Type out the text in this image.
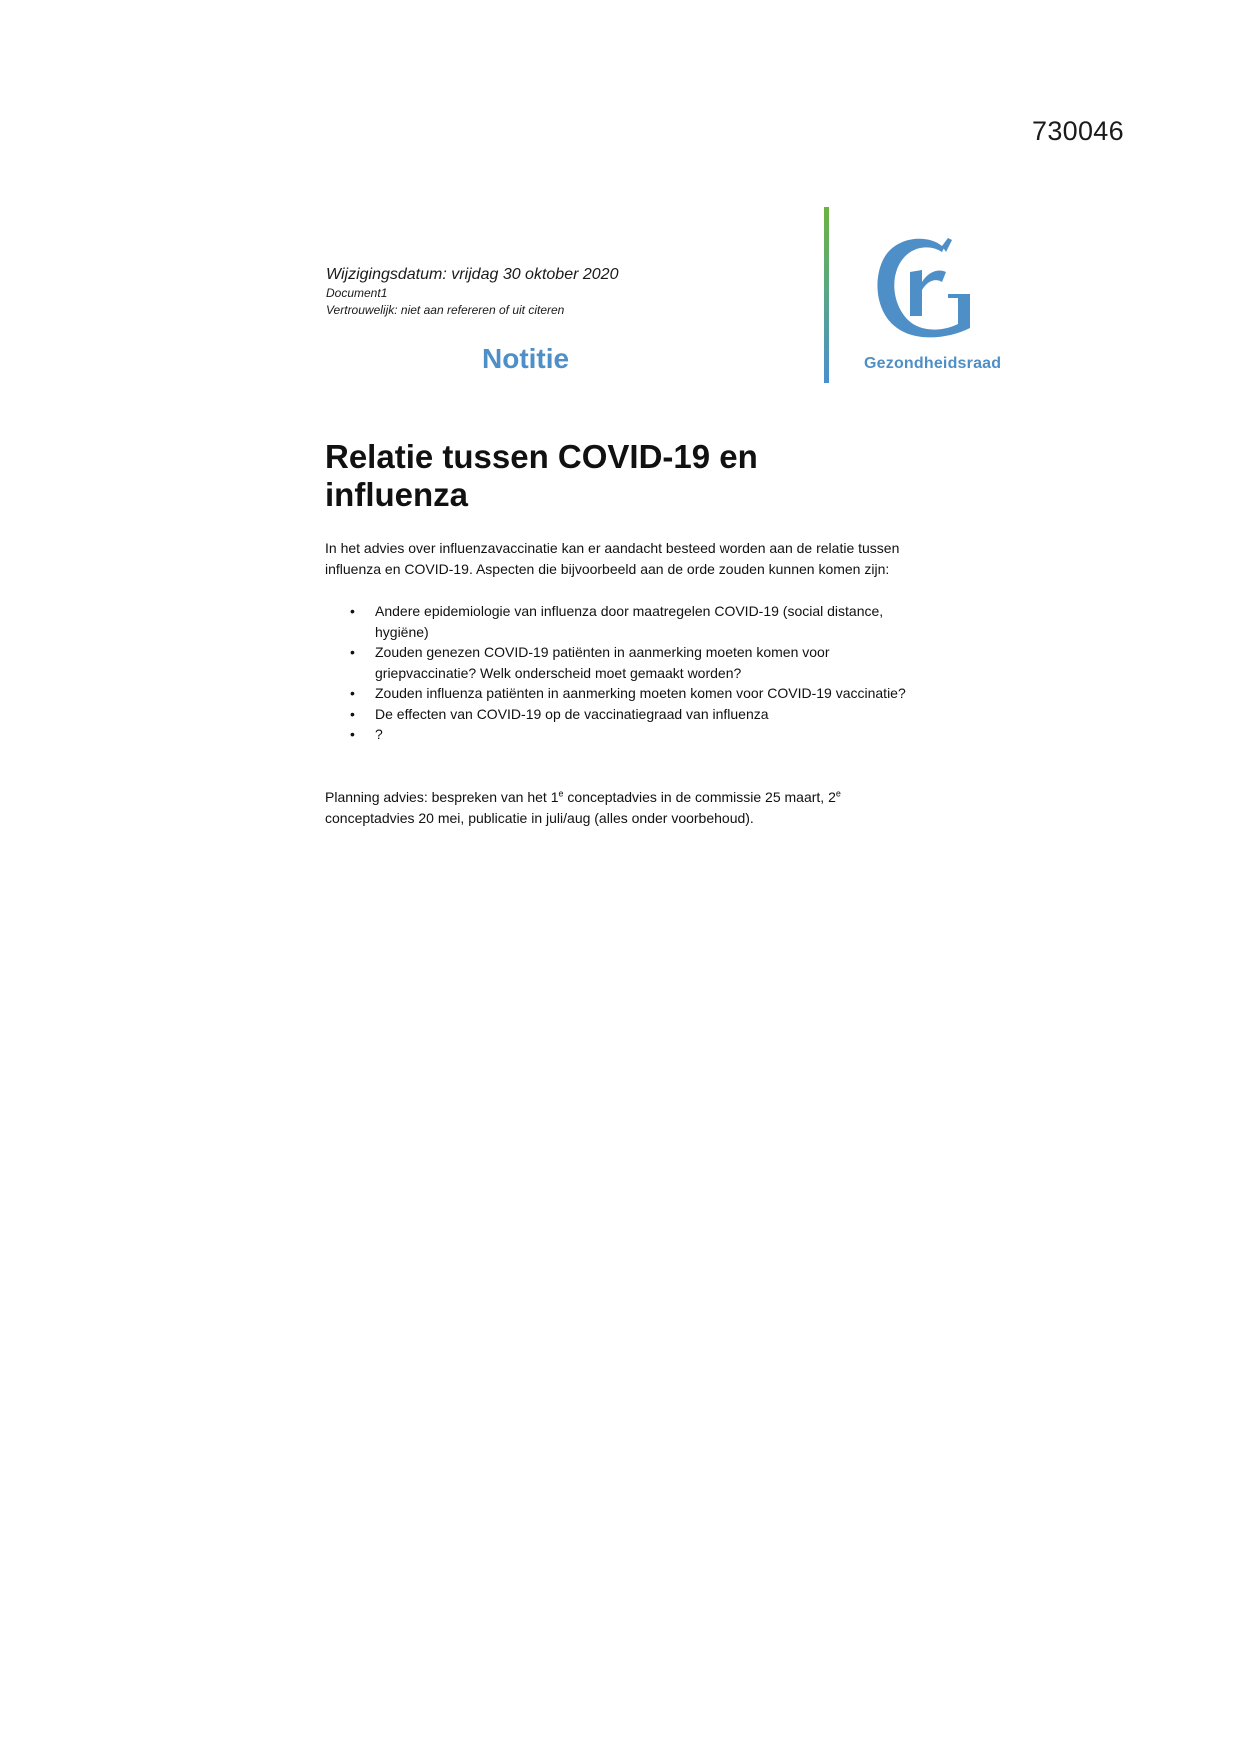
730046
Wijzigingsdatum: vrijdag 30 oktober 2020
Document1
Vertrouwelijk: niet aan refereren of uit citeren
Notitie	Gezondheidsraad
Relatie tussen COVID-19 en influenza

In het advies over influenzavaccinatie kan er aandacht besteed worden aan de relatie tussen influenza en COVID-19. Aspecten die bijvoorbeeld aan de orde zouden kunnen komen zijn:

• Andere epidemiologie van influenza door maatregelen COVID-19 (social distance, hygiëne)
• Zouden genezen COVID-19 patiënten in aanmerking moeten komen voor griepvaccinatie? Welk onderscheid moet gemaakt worden?
• Zouden influenza patiënten in aanmerking moeten komen voor COVID-19 vaccinatie?
• De effecten van COVID-19 op de vaccinatiegraad van influenza
• ?

Planning advies: bespreken van het 1e conceptadvies in de commissie 25 maart, 2e conceptadvies 20 mei, publicatie in juli/aug (alles onder voorbehoud).
